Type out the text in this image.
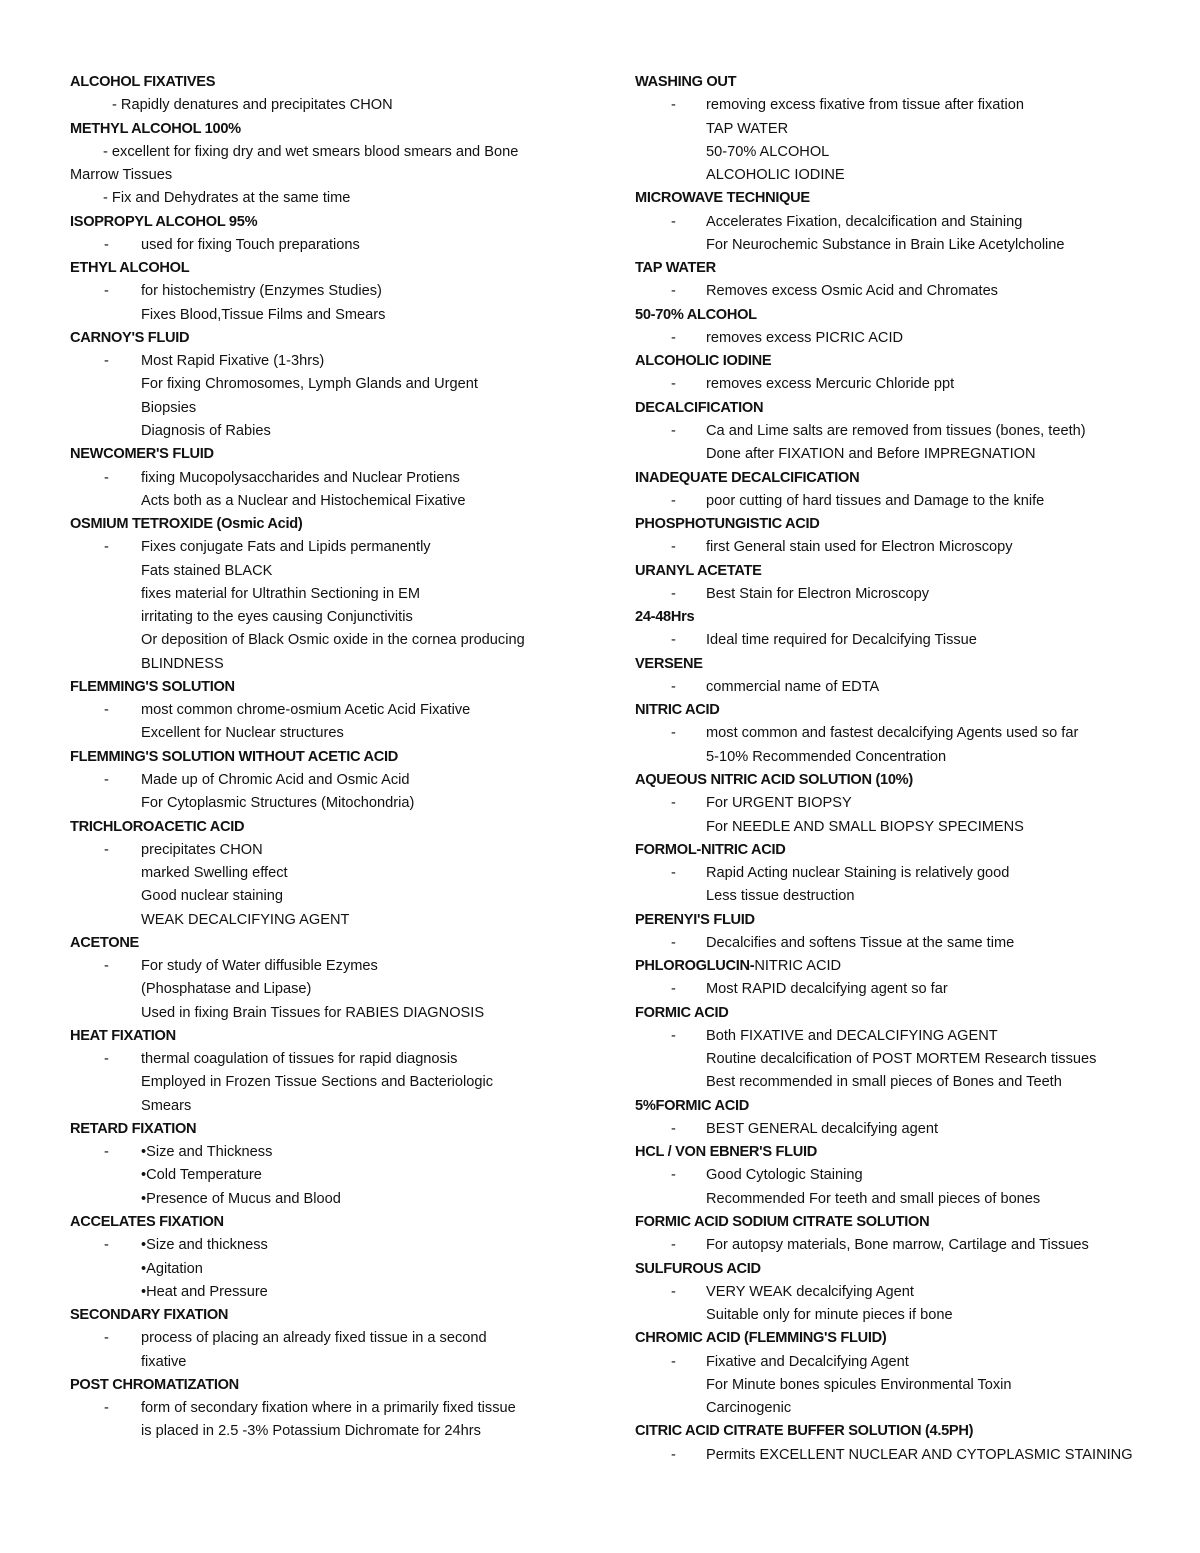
ALCOHOL FIXATIVES
- Rapidly denatures and precipitates CHON
METHYL ALCOHOL 100%
- excellent for fixing dry and wet smears blood smears and Bone
Marrow Tissues
- Fix and Dehydrates at the same time
ISOPROPYL ALCOHOL 95%
- used for fixing Touch preparations
ETHYL ALCOHOL
- for histochemistry (Enzymes Studies)
Fixes Blood,Tissue Films and Smears
CARNOY'S FLUID
- Most Rapid Fixative (1-3hrs)
For fixing Chromosomes, Lymph Glands and Urgent
Biopsies
Diagnosis of Rabies
NEWCOMER'S FLUID
- fixing Mucopolysaccharides and Nuclear Protiens
Acts both as a Nuclear and Histochemical Fixative
OSMIUM TETROXIDE (Osmic Acid)
- Fixes conjugate Fats and Lipids permanently
Fats stained BLACK
fixes material for Ultrathin Sectioning in EM
irritating to the eyes causing Conjunctivitis
Or deposition of Black Osmic oxide in the cornea producing
BLINDNESS
FLEMMING'S SOLUTION
- most common chrome-osmium Acetic Acid Fixative
Excellent for Nuclear structures
FLEMMING'S SOLUTION WITHOUT ACETIC ACID
- Made up of Chromic Acid and Osmic Acid
For Cytoplasmic Structures (Mitochondria)
TRICHLOROACETIC ACID
- precipitates CHON
marked Swelling effect
Good nuclear staining
WEAK DECALCIFYING AGENT
ACETONE
- For study of Water diffusible Ezymes
(Phosphatase and Lipase)
Used in fixing Brain Tissues for RABIES DIAGNOSIS
HEAT FIXATION
- thermal coagulation of tissues for rapid diagnosis
Employed in Frozen Tissue Sections and Bacteriologic
Smears
RETARD FIXATION
- •Size and Thickness
•Cold Temperature
•Presence of Mucus and Blood
ACCELATES FIXATION
- •Size and thickness
•Agitation
•Heat and Pressure
SECONDARY FIXATION
- process of placing an already fixed tissue in a second
fixative
POST CHROMATIZATION
- form of secondary fixation where in a primarily fixed tissue
is placed in 2.5 -3% Potassium Dichromate for 24hrs
WASHING OUT
- removing excess fixative from tissue after fixation
TAP WATER
50-70% ALCOHOL
ALCOHOLIC IODINE
MICROWAVE TECHNIQUE
- Accelerates Fixation, decalcification and Staining
For Neurochemic Substance in Brain Like Acetylcholine
TAP WATER
- Removes excess Osmic Acid and Chromates
50-70% ALCOHOL
- removes excess PICRIC ACID
ALCOHOLIC IODINE
- removes excess Mercuric Chloride ppt
DECALCIFICATION
- Ca and Lime salts are removed from tissues (bones, teeth)
Done after FIXATION and Before IMPREGNATION
INADEQUATE DECALCIFICATION
- poor cutting of hard tissues and Damage to the knife
PHOSPHOTUNGISTIC ACID
- first General stain used for Electron Microscopy
URANYL ACETATE
- Best Stain for Electron Microscopy
24-48Hrs
- Ideal time required for Decalcifying Tissue
VERSENE
- commercial name of EDTA
NITRIC ACID
- most common and fastest decalcifying Agents used so far
5-10% Recommended Concentration
AQUEOUS NITRIC ACID SOLUTION (10%)
- For URGENT BIOPSY
For NEEDLE AND SMALL BIOPSY SPECIMENS
FORMOL-NITRIC ACID
- Rapid Acting nuclear Staining is relatively good
Less tissue destruction
PERENYI'S FLUID
- Decalcifies and softens Tissue at the same time
PHLOROGLUCIN-NITRIC ACID
- Most RAPID decalcifying agent so far
FORMIC ACID
- Both FIXATIVE and DECALCIFYING AGENT
Routine decalcification of POST MORTEM Research tissues
Best recommended in small pieces of Bones and Teeth
5%FORMIC ACID
- BEST GENERAL decalcifying agent
HCL / VON EBNER'S FLUID
- Good Cytologic Staining
Recommended For teeth and small pieces of bones
FORMIC ACID SODIUM CITRATE SOLUTION
- For autopsy materials, Bone marrow, Cartilage and Tissues
SULFUROUS ACID
- VERY WEAK decalcifying Agent
Suitable only for minute pieces if bone
CHROMIC ACID (FLEMMING'S FLUID)
- Fixative and Decalcifying Agent
For Minute bones spicules Environmental Toxin
Carcinogenic
CITRIC ACID CITRATE BUFFER SOLUTION (4.5PH)
- Permits EXCELLENT NUCLEAR AND CYTOPLASMIC STAINING
